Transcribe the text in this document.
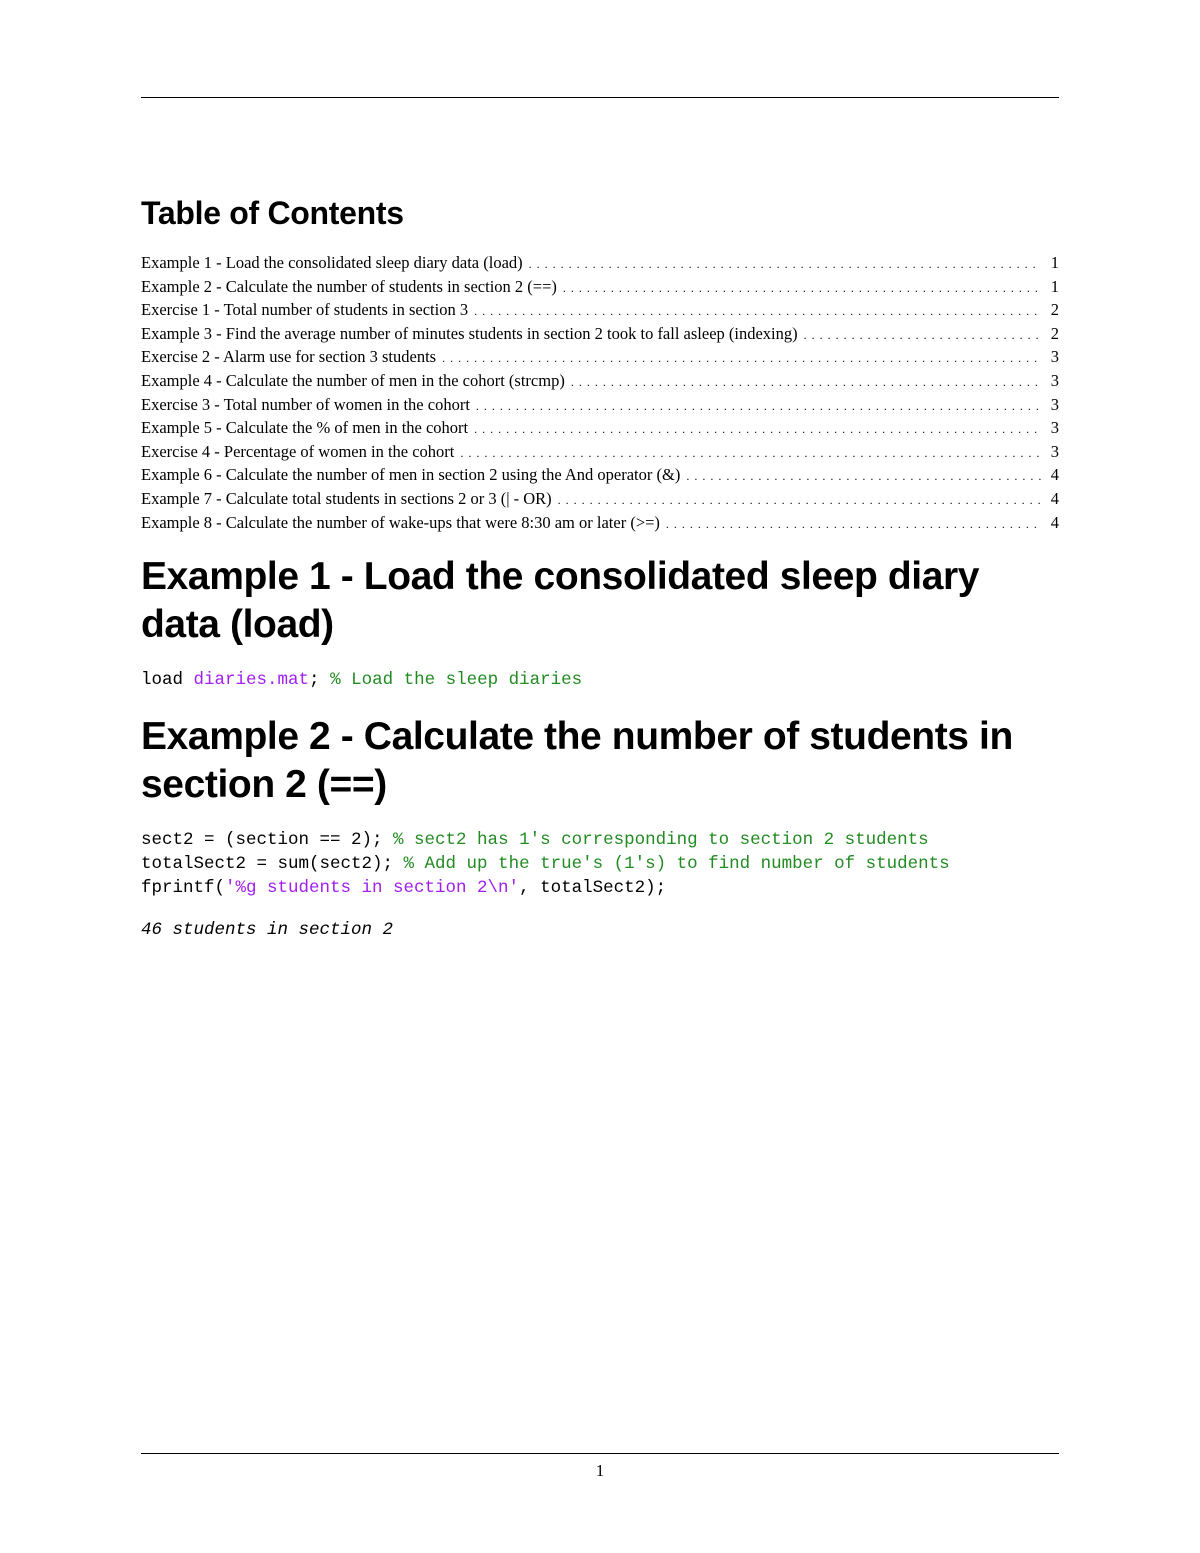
Table of Contents
Example 1 - Load the consolidated sleep diary data (load) . . .	1
Example 2 - Calculate the number of students in section 2 (==) . . .	1
Exercise 1 - Total number of students in section 3 . . .	2
Example 3 - Find the average number of minutes students in section 2 took to fall asleep (indexing) . . .	2
Exercise 2 - Alarm use for section 3 students . . .	3
Example 4 - Calculate the number of men in the cohort (strcmp) . . .	3
Exercise 3 - Total number of women in the cohort . . .	3
Example 5 - Calculate the % of men in the cohort . . .	3
Exercise 4 - Percentage of women in the cohort . . .	3
Example 6 - Calculate the number of men in section 2 using the And operator (&) . . .	4
Example 7 - Calculate total students in sections 2 or 3 (| - OR) . . .	4
Example 8 - Calculate the number of wake-ups that were 8:30 am or later (>=) . . .	4
Example 1 - Load the consolidated sleep diary data (load)
load diaries.mat; % Load the sleep diaries
Example 2 - Calculate the number of students in section 2 (==)
sect2 = (section == 2); % sect2 has 1's corresponding to section 2 students
totalSect2 = sum(sect2); % Add up the true's (1's) to find number of students
fprintf('%g students in section 2\n', totalSect2);
46 students in section 2
1
